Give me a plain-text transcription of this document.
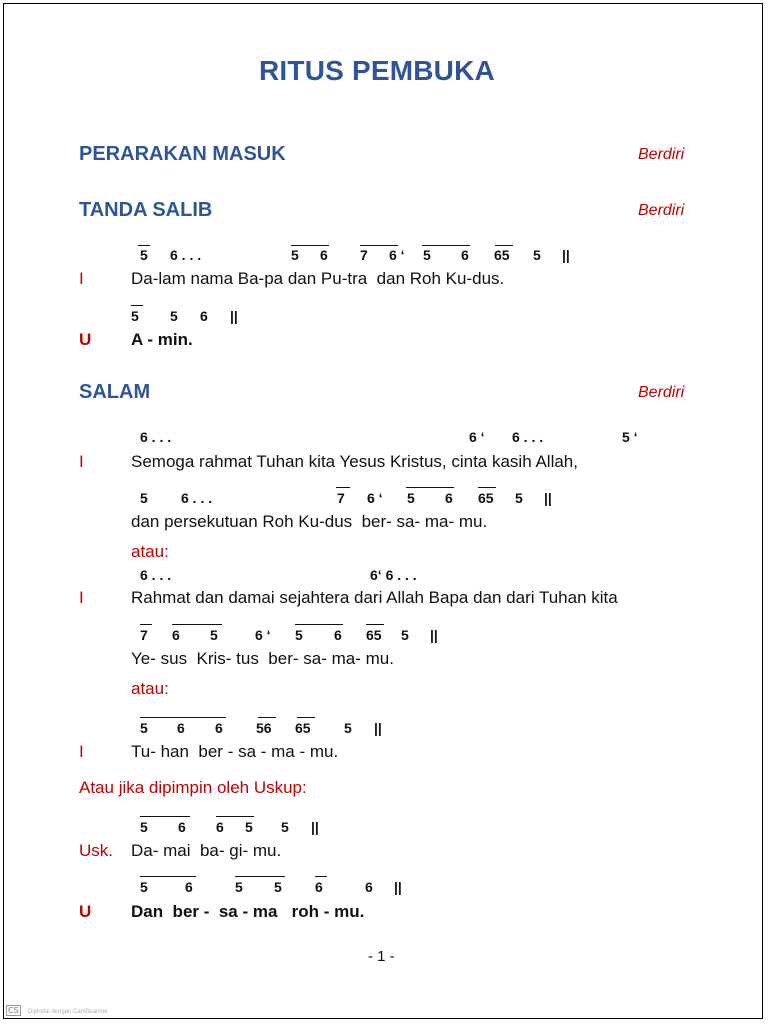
RITUS PEMBUKA
PERARAKAN MASUK	Berdiri
TANDA SALIB	Berdiri
5 6 . . .	5 6 7 6 ‘ 5 6 65 5 ||
I	Da-lam nama Ba-pa dan Pu-tra  dan Roh Ku-dus.
5 5 6 ||
U A - min.
SALAM	Berdiri
6 . . .	6 ‘ 6 . . .	5 ‘
I	Semoga rahmat Tuhan kita Yesus Kristus, cinta kasih Allah,
5 6 . . .	7 6 ‘ 5 6 65 5 ||
dan persekutuan Roh Ku-dus  ber- sa- ma- mu.
atau:
6 . . .	6‘ 6 . . .
I	Rahmat dan damai sejahtera dari Allah Bapa dan dari Tuhan kita
7 6 5	6 ‘ 5 6 65 5 ||
Ye- sus  Kris- tus  ber- sa- ma- mu.
atau:
5 6 6 56 65 5 ||
I	Tu- han  ber - sa - ma - mu.
Atau jika dipimpin oleh Uskup:
5 6 6 5 5 ||
Usk. Da- mai  ba- gi- mu.
5	6	5 5 6	6 ||
U Dan  ber -  sa - ma   roh - mu.
- 1 -
CS	Dipindai dengan CamScanner
